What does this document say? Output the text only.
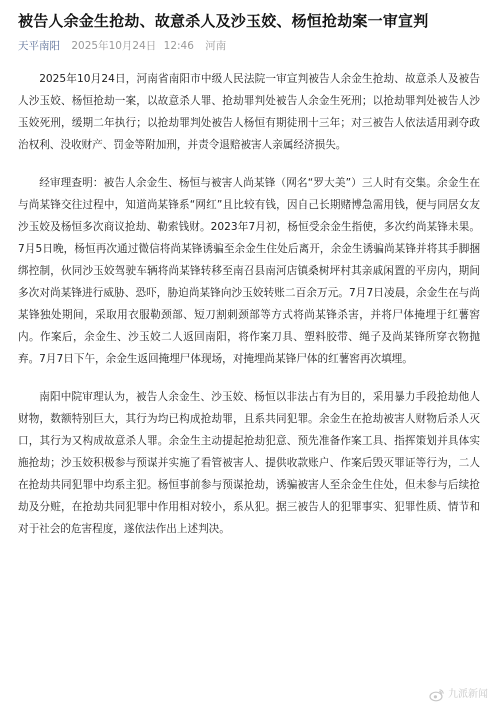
被告人余金生抢劫、故意杀人及沙玉姣、杨恒抢劫案一审宣判
天平南阳 2025年10月24日 12:46 河南

2025年10月24日，河南省南阳市中级人民法院一审宣判被告人余金生抢劫、故意杀人及被告人沙玉姣、杨恒抢劫一案，以故意杀人罪、抢劫罪判处被告人余金生死刑；以抢劫罪判处被告人沙玉姣死刑，缓期二年执行；以抢劫罪判处被告人杨恒有期徒刑十三年；对三被告人依法适用剥夺政治权利、没收财产、罚金等附加刑，并责令退赔被害人亲属经济损失。

经审理查明：被告人余金生、杨恒与被害人尚某锋（网名“罗大美”）三人时有交集。余金生在与尚某锋交往过程中，知道尚某锋系“网红”且比较有钱，因自己长期赌博急需用钱，便与同居女友沙玉姣及杨恒多次商议抢劫、勒索钱财。2023年7月初，杨恒受余金生指使，多次约尚某锋未果。7月5日晚，杨恒再次通过微信将尚某锋诱骗至余金生住处后离开，余金生诱骗尚某锋并将其手脚捆绑控制，伙同沙玉姣驾驶车辆将尚某锋转移至南召县南河店镇桑树坪村其亲戚闲置的平房内，期间多次对尚某锋进行威胁、恐吓，胁迫尚某锋向沙玉姣转账二百余万元。7月7日凌晨，余金生在与尚某锋独处期间，采取用衣服勒颈部、短刀割刺颈部等方式将尚某锋杀害，并将尸体掩埋于红薯窖内。作案后，余金生、沙玉姣二人返回南阳，将作案刀具、塑料胶带、绳子及尚某锋所穿衣物抛弃。7月7日下午，余金生返回掩埋尸体现场，对掩埋尚某锋尸体的红薯窖再次填埋。

南阳中院审理认为，被告人余金生、沙玉姣、杨恒以非法占有为目的，采用暴力手段抢劫他人财物，数额特别巨大，其行为均已构成抢劫罪，且系共同犯罪。余金生在抢劫被害人财物后杀人灭口，其行为又构成故意杀人罪。余金生主动提起抢劫犯意、预先准备作案工具、指挥策划并具体实施抢劫；沙玉姣积极参与预谋并实施了看管被害人、提供收款账户、作案后毁灭罪证等行为，二人在抢劫共同犯罪中均系主犯。杨恒事前参与预谋抢劫，诱骗被害人至余金生住处，但未参与后续抢劫及分赃，在抢劫共同犯罪中作用相对较小，系从犯。据三被告人的犯罪事实、犯罪性质、情节和对于社会的危害程度，遂依法作出上述判决。

九派新闻
